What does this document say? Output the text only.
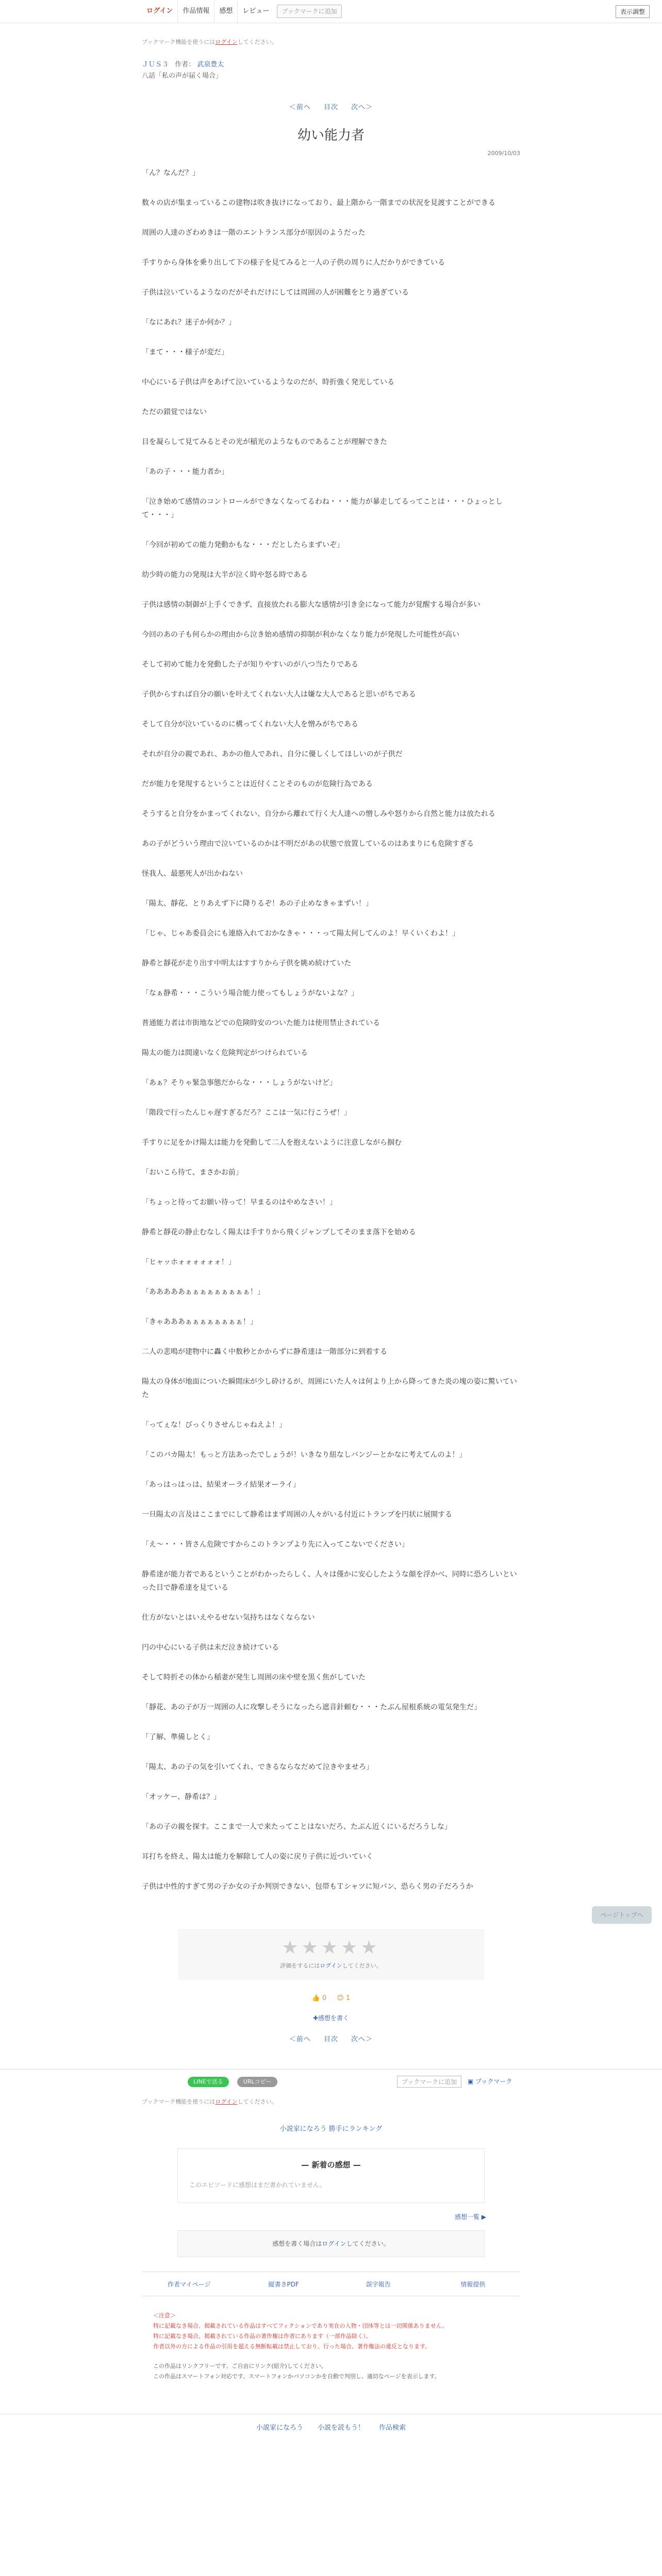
ログイン	作品情報	感想	レビュー	ブックマークに追加	表示調整
ブックマーク機能を使うにはログインしてください。
ＪＵＳ３ 作者： 武泉豊太
八話「私の声が届く場合」
＜前へ 目次 次へ＞
2009/10/03
幼い能力者

「ん？なんだ？」

数々の店が集まっているこの建物は吹き抜けになっており、最上階から一階までの状況を見渡すことができる

周囲の人達のざわめきは一階のエントランス部分が原因のようだった

手すりから身体を乗り出して下の様子を見てみると一人の子供の周りに人だかりができている

子供は泣いているようなのだがそれだけにしては周囲の人が困難をとり過ぎている

「なにあれ？迷子か何か？」

「まて・・・様子が変だ」

中心にいる子供は声をあげて泣いているようなのだが、時折強く発光している

ただの錯覚ではない

目を凝らして見てみるとその光が稲光のようなものであることが理解できた

「あの子・・・能力者か」

「泣き始めて感情のコントロールができなくなってるわね・・・能力が暴走してるってことは・・・ひょっとして・・・」

「今回が初めての能力発動かもな・・・だとしたらまずいぞ」

幼少時の能力の発現は大半が泣く時や怒る時である

子供は感情の制御が上手くできず、直接放たれる膨大な感情が引き金になって能力が覚醒する場合が多い

今回のあの子も何らかの理由から泣き始め感情の抑制が利かなくなり能力が発現した可能性が高い

そして初めて能力を発動した子が知りやすいのが八つ当たりである

子供からすれば自分の願いを叶えてくれない大人は嫌な大人であると思いがちである

そして自分が泣いているのに構ってくれない大人を憎みがちである

それが自分の親であれ、あかの他人であれ、自分に優しくしてほしいのが子供だ

だが能力を発現するということは近付くことそのものが危険行為である

そうすると自分をかまってくれない、自分から離れて行く大人達への憎しみや怒りから自然と能力は放たれる

あの子がどういう理由で泣いているのかは不明だがあの状態で放置しているのはあまりにも危険すぎる

怪我人、最悪死人が出かねない

「陽太、靜花、とりあえず下に降りるぞ！あの子止めなきゃまずい！」

「じゃ、じゃあ委員会にも連絡入れておかなきゃ・・・って陽太何してんのよ！早くいくわよ！」

静希と靜花が走り出す中明太はすすりから子供を眺め続けていた

「なぁ静希・・・こういう場合能力使ってもしょうがないよな？」

普通能力者は市街地などでの危険時安のついた能力は使用禁止されている

陽太の能力は間違いなく危険判定がつけられている

「あぁ？そりゃ緊急事態だからな・・・しょうがないけど」

「階段で行ったんじゃ遅すぎるだろ？ここは一気に行こうぜ！」

手すりに足をかけ陽太は能力を発動して二人を抱えないように注意しながら掴む

「おいこら待て、まさかお前」

「ちょっと待ってお願い待って！早まるのはやめなさい！」

静希と靜花の静止むなしく陽太は手すりから飛くジャンプしてそのまま落下を始める

「ヒャッホォォォォォォ！」

「あああああぁぁぁぁぁぁぁぁぁ！」

「きゃあああぁぁぁぁぁぁぁぁ！」

二人の悲鳴が建物中に轟く中数秒とかからずに静希達は一階部分に到着する

陽太の身体が地面についた瞬間床が少し砕けるが、周囲にいた人々は何より上から降ってきた炎の塊の姿に驚いていた

「ってぇな！びっくりさせんじゃねえよ！」

「このバカ陽太！もっと方法あったでしょうが！いきなり紐なしバンジーとかなに考えてんのよ！」

「あっはっはっは、結果オーライ結果オーライ」

一旦陽太の言及はここまでにして静希はまず周囲の人々がいる付近にトランプを円状に展開する

「え～・・・皆さん危険ですからこのトランプより先に入ってこないでください」

静希達が能力者であるということがわかったらしく、人々は僅かに安心したような顔を浮かべ、同時に恐ろしいといった目で静希達を見ている

仕方がないとはいえやるせない気持ちはなくならない

円の中心にいる子供は未だ泣き続けている

そして時折その体から稲妻が発生し周囲の床や壁を黒く焦がしていた

「靜花、あの子が万一周囲の人に攻撃しそうになったら遮音針頼む・・・たぶん屋根系統の電気発生だ」

「了解、準備しとく」

「陽太、あの子の気を引いてくれ、できるならなだめて泣きやませろ」

「オッケー、静希は？」

「あの子の親を探す。ここまで一人で来たってことはないだろ、たぶん近くにいるだろうしな」

耳打ちを終え、陽太は能力を解除して人の姿に戻り子供に近づいていく

子供は中性的すぎて男の子か女の子か判別できない、包帯もＴシャツに短パン、恐らく男の子だろうか

★★★★★
評価をするにはログインしてください。
👍 0 😊 1
✚感想を書く
＜前へ 目次 次へ＞
ページトップへ
LINEで送る	URLコピー	ブックマークに追加	▣ ブックマーク
ブックマーク機能を使うにはログインしてください。
小説家になろう 勝手にランキング
— 新着の感想 —
このエピソードに感想はまだ書かれていません。
感想一覧 ▶
感想を書く場合はログインしてください。
作者マイページ	縦書きPDF	誤字報告	情報提供
＜注意＞
特に記載なき場合、掲載されている作品はすべてフィクションであり実在の人物・団体等とは一切関係ありません。
特に記載なき場合、掲載されている作品の著作権は作者にあります（一部作品除く）。
作者以外の方による作品の引用を超える無断転載は禁止しており、行った場合、著作権法の違反となります。
この作品はリンクフリーです。ご自由にリンク(紹介)してください。
この作品はスマートフォン対応です。スマートフォンかパソコンかを自動で判別し、適切なページを表示します。
小説家になろう 小説を読もう！ 作品検索
